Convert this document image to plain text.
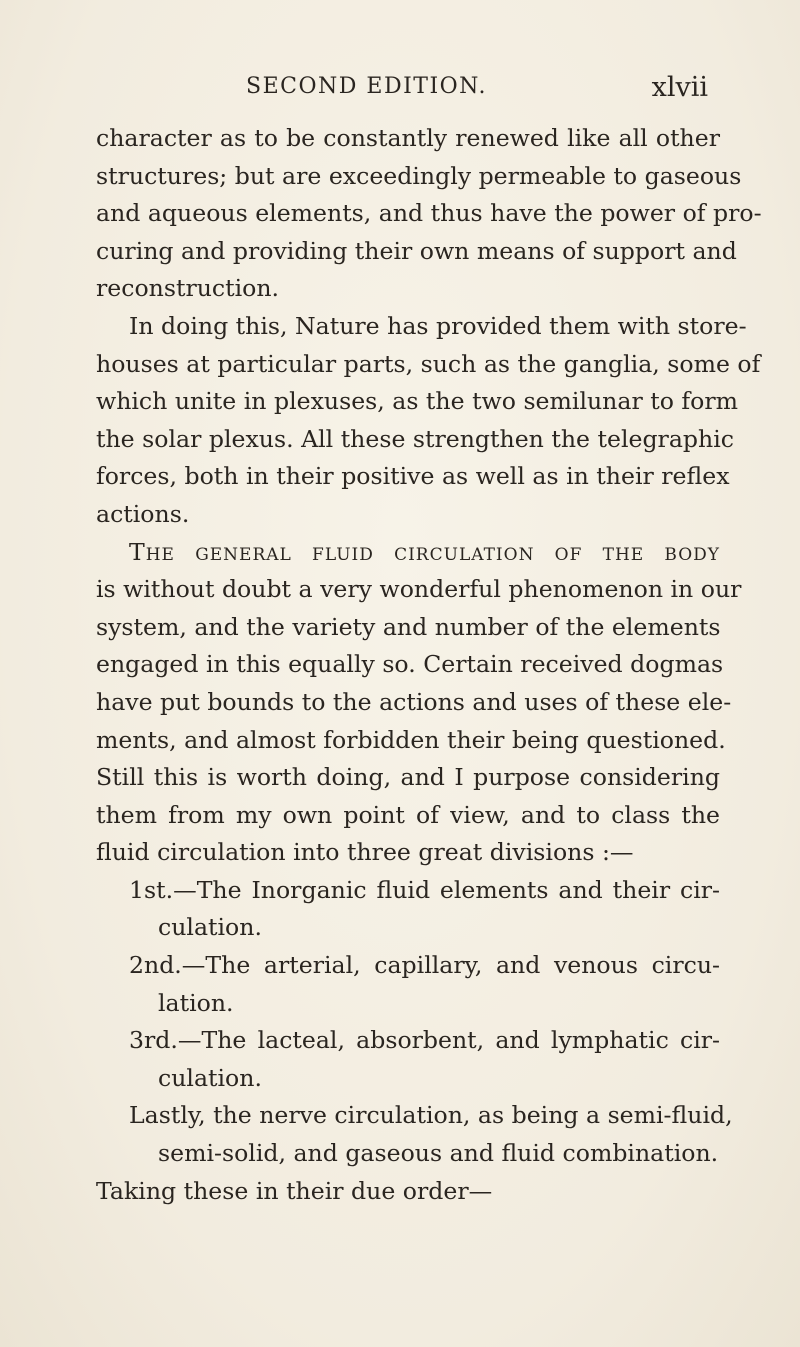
SECOND EDITION.	xlvii
character as to be constantly renewed like all other
structures; but are exceedingly permeable to gaseous
and aqueous elements, and thus have the power of pro-
curing and providing their own means of support and
reconstruction.
In doing this, Nature has provided them with store-
houses at particular parts, such as the ganglia, some of
which unite in plexuses, as the two semilunar to form
the solar plexus. All these strengthen the telegraphic
forces, both in their positive as well as in their reflex
actions.
The general fluid circulation of the body
is without doubt a very wonderful phenomenon in our
system, and the variety and number of the elements
engaged in this equally so. Certain received dogmas
have put bounds to the actions and uses of these ele-
ments, and almost forbidden their being questioned.
Still this is worth doing, and I purpose considering
them from my own point of view, and to class the
fluid circulation into three great divisions :—
1st.—The Inorganic fluid elements and their cir-
culation.
2nd.—The arterial, capillary, and venous circu-
lation.
3rd.—The lacteal, absorbent, and lymphatic cir-
culation.
Lastly, the nerve circulation, as being a semi-fluid,
semi-solid, and gaseous and fluid combination.
Taking these in their due order—
